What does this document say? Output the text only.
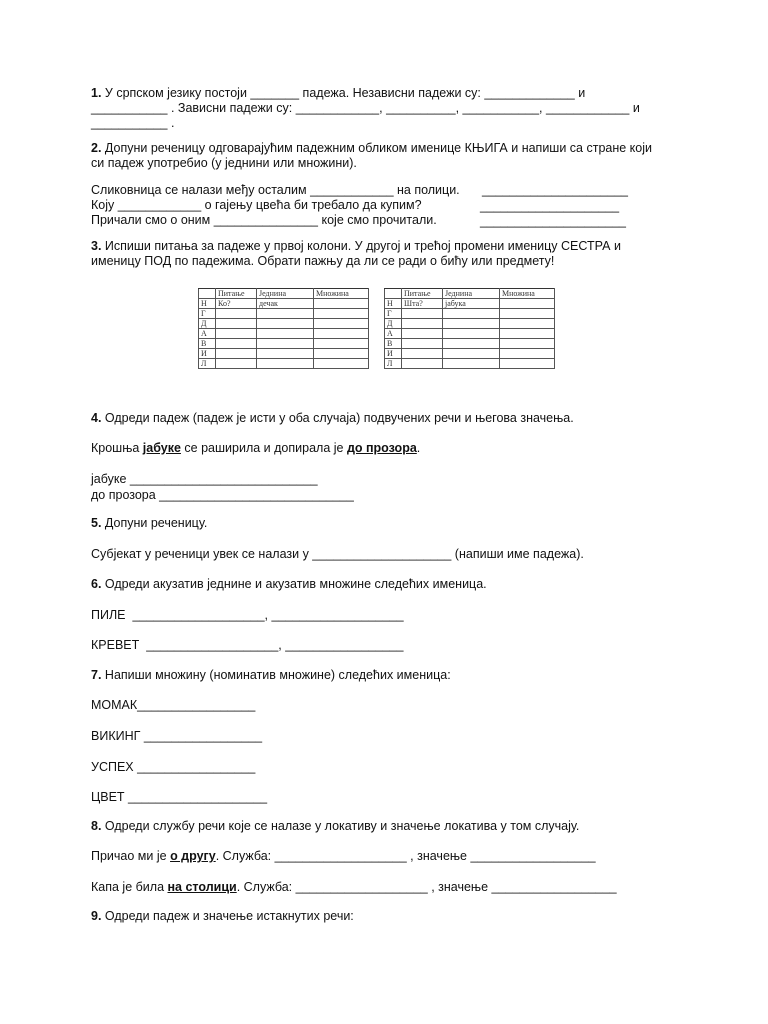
1. У српском језику постоји _______ падежа. Независни падежи су: _____________ и
___________ . Зависни падежи су: ____________, __________, ___________, ____________ и
___________ .
2. Допуни реченицу одговарајућим падежним обликом именице КЊИГА и напиши са стране који
си падеж употребио (у једнини или множини).
Сликовница се налази међу осталим ____________ на полици. _____________________
Коју ____________ о гајењу цвећа би требало да купим?	____________________
Причали смо о оним _______________ које смо прочитали.	_____________________
3. Испиши питања за падеже у првој колони. У другој и трећој промени именицу СЕСТРА и
именицу ПОД по падежима. Обрати пажњу да ли се ради о бићу или предмету!
	Питање	Једнина	Множина
Н	Ко?	дечак	
Г			
Д			
А			
В			
И			
Л			
	Питање	Једнина	Множина
Н	Шта?	јабука	
Г			
Д			
А			
В			
И			
Л			
4. Одреди падеж (падеж је исти у оба случаја) подвучених речи и његова значења.
Крошња јабуке се раширила и допирала је до прозора.
јабуке ___________________________
до прозора ____________________________
5. Допуни реченицу.
Субјекат у реченици увек се налази у ____________________ (напиши име падежа).
6. Одреди акузатив једнине и акузатив множине следећих именица.
ПИЛЕ  ___________________, ___________________
КРЕВЕТ  ___________________, _________________
7. Напиши множину (номинатив множине) следећих именица:
МОМАК_________________
ВИКИНГ _________________
УСПЕХ _________________
ЦВЕТ ____________________
8. Одреди службу речи које се налазе у локативу и значење локатива у том случају.
Причао ми је о другу. Служба: ___________________ , значење __________________
Капа је била на столици. Служба: ___________________ , значење __________________
9. Одреди падеж и значење истакнутих речи:
